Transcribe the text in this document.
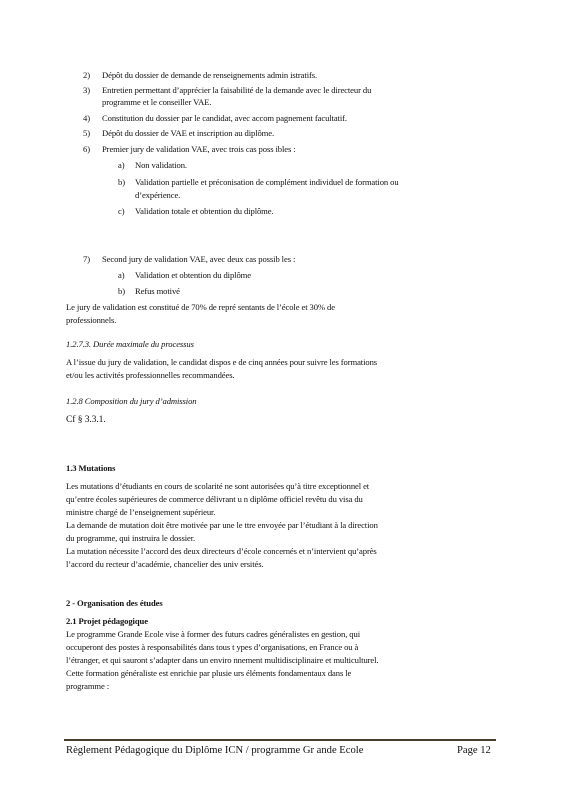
2) Dépôt du dossier de demande de renseignements admin istratifs.
3) Entretien permettant d’apprécier la faisabilité de la demande avec le directeur du
programme et le conseiller VAE.
4) Constitution du dossier par le candidat, avec accom pagnement facultatif.
5) Dépôt du dossier de VAE et inscription au diplôme.
6) Premier jury de validation VAE, avec trois cas poss ibles :
a) Non validation.
b) Validation partielle et préconisation de complément individuel de formation ou
d’expérience.
c) Validation totale et obtention du diplôme.
7) Second jury de validation VAE, avec deux cas possib les :
a) Validation et obtention du diplôme
b) Refus motivé
Le jury de validation est constitué de 70% de repré sentants de l’école et 30% de
professionnels.
1.2.7.3. Durée maximale du processus
A l’issue du jury de validation, le candidat dispos e de cinq années pour suivre les formations
et/ou les activités professionnelles recommandées.
1.2.8 Composition du jury d’admission
Cf § 3.3.1.
1.3 Mutations
Les mutations d’étudiants en cours de scolarité ne sont autorisées qu’à titre exceptionnel et
qu’entre écoles supérieures de commerce délivrant u n diplôme officiel revêtu du visa du
ministre chargé de l’enseignement supérieur.
La demande de mutation doit être motivée par une le ttre envoyée par l’étudiant à la direction
du programme, qui instruira le dossier.
La mutation nécessite l’accord des deux directeurs d’école concernés et n’intervient qu’après
l’accord du recteur d’académie, chancelier des univ ersités.
2 - Organisation des études
2.1 Projet pédagogique
Le programme Grande Ecole vise à former des futurs cadres généralistes en gestion, qui
occuperont des postes à responsabilités dans tous t ypes d’organisations, en France ou à
l’étranger, et qui sauront s’adapter dans un enviro nnement multidisciplinaire et multiculturel.
Cette formation généraliste est enrichie par plusie urs éléments fondamentaux dans le
programme :
Règlement Pédagogique du Diplôme ICN / programme Gr ande Ecole	Page 12
